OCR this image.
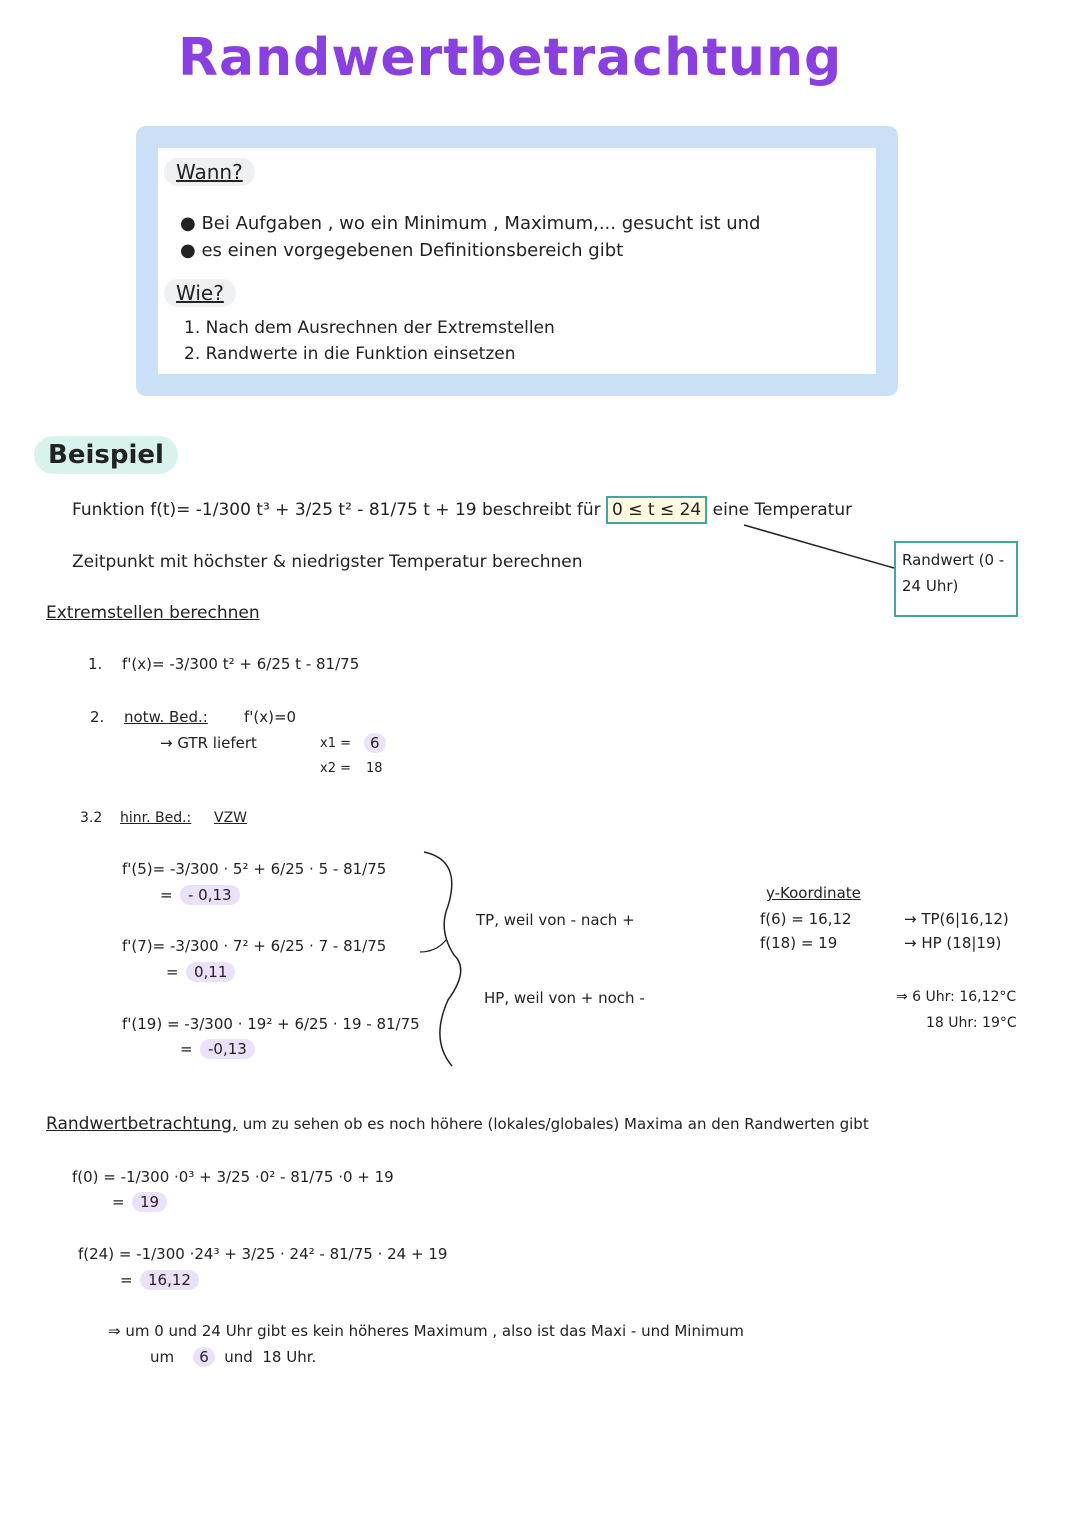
Randwertbetrachtung
Wann?
● Bei Aufgaben , wo ein Minimum , Maximum,... gesucht ist und
● es einen vorgegebenen Definitionsbereich gibt
Wie?
1. Nach dem Ausrechnen der Extremstellen
2. Randwerte in die Funktion einsetzen
Beispiel
Funktion f(t)= -1/300 t³ + 3/25 t² - 81/75 t + 19 beschreibt für 0 ≤ t ≤ 24 eine Temperatur
Zeitpunkt mit höchster & niedrigster Temperatur berechnen	Randwert (0 - 24 Uhr)
Extremstellen berechnen
1. f'(x)= -3/300 t² + 6/25 t - 81/75
2. notw. Bed.: f'(x)=0
→ GTR liefert	x1 =	6
x2 = 18
3.2 hinr. Bed.: VZW
f'(5)= -3/300 · 5² + 6/25 · 5 - 81/75
=	- 0,13
f'(7)= -3/300 · 7² + 6/25 · 7 - 81/75
=	0,11
f'(19) = -3/300 · 19² + 6/25 · 19 - 81/75
=	-0,13
TP, weil von - nach +
HP, weil von + noch -
y-Koordinate
f(6) = 16,12
f(18) = 19
→ TP(6|16,12)
→ HP (18|19)
⇒ 6 Uhr: 16,12°C
18 Uhr: 19°C
Randwertbetrachtung, um zu sehen ob es noch höhere (lokales/globales) Maxima an den Randwerten gibt
f(0) = -1/300 ·0³ + 3/25 ·0² - 81/75 ·0 + 19
=	19
f(24) = -1/300 ·24³ + 3/25 · 24² - 81/75 · 24 + 19
=	16,12
⇒ um 0 und 24 Uhr gibt es kein höheres Maximum , also ist das Maxi - und Minimum
um 6 und 18 Uhr.
